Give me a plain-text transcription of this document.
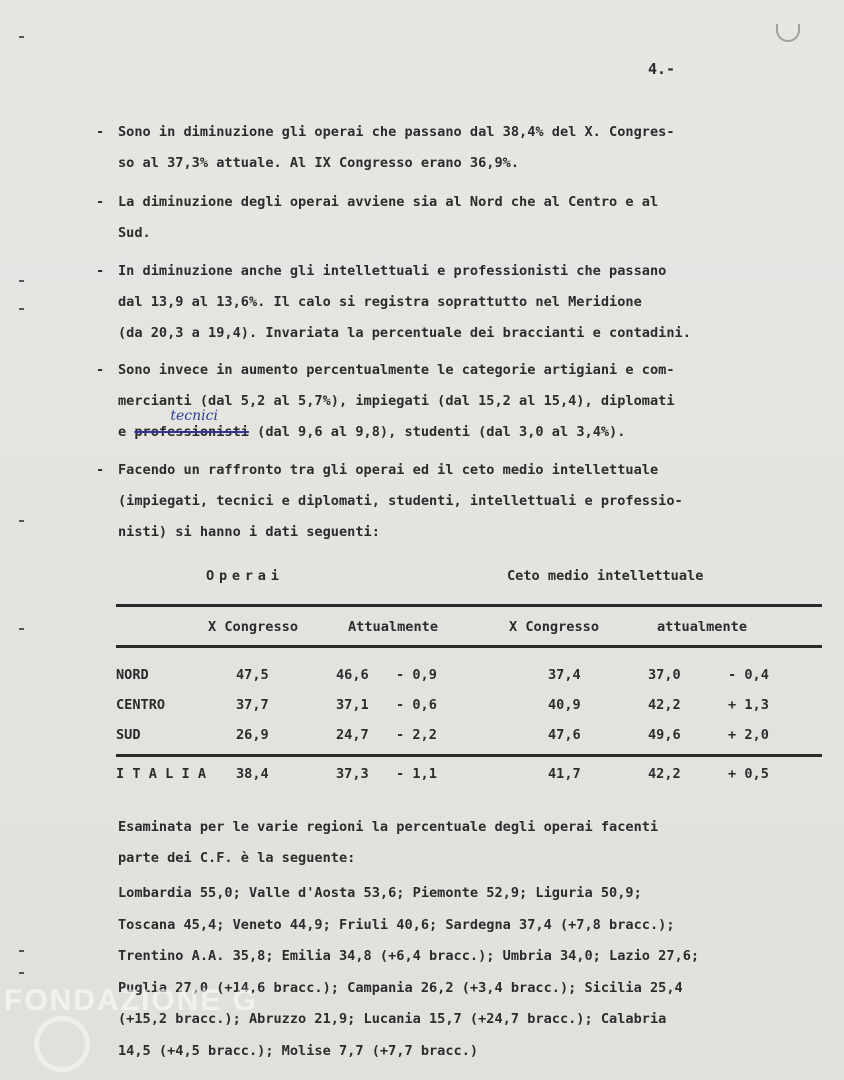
4.-
-	Sono in diminuzione gli operai che passano dal 38,4% del X. Congres-
so al 37,3% attuale. Al IX Congresso erano 36,9%.
-	La diminuzione degli operai avviene sia al Nord che al Centro e al
Sud.
-	In diminuzione anche gli intellettuali e professionisti che passano
dal 13,9 al 13,6%. Il calo si registra soprattutto nel Meridione
(da 20,3 a 19,4). Invariata la percentuale dei braccianti e contadini.
-	Sono invece in aumento percentualmente le categorie artigiani e com-
mercianti (dal 5,2 al 5,7%), impiegati (dal 15,2 al 15,4), diplomati
e
tecnici
professionisti (dal 9,6 al 9,8), studenti (dal 3,0 al 3,4%).
-	Facendo un raffronto tra gli operai ed il ceto medio intellettuale
(impiegati, tecnici e diplomati, studenti, intellettuali e professio-
nisti) si hanno i dati seguenti:
Operai	Ceto medio intellettuale
X Congresso	Attualmente	X Congresso	attualmente
NORD	47,5	46,6 - 0,9	37,4	37,0	- 0,4
CENTRO	37,7	37,1 - 0,6	40,9	42,2	+ 1,3
SUD	26,9	24,7 - 2,2	47,6	49,6	+ 2,0
I T A L I A 38,4	37,3 - 1,1	41,7	42,2	+ 0,5
Esaminata per le varie regioni la percentuale degli operai facenti
parte dei C.F. è la seguente:
Lombardia 55,0; Valle d'Aosta 53,6; Piemonte 52,9; Liguria 50,9;
Toscana 45,4; Veneto 44,9; Friuli 40,6; Sardegna 37,4 (+7,8 bracc.);
Trentino A.A. 35,8; Emilia 34,8 (+6,4 bracc.); Umbria 34,0; Lazio 27,6;
Puglia 27,0 (+14,6 bracc.); Campania 26,2 (+3,4 bracc.); Sicilia 25,4
(+15,2 bracc.); Abruzzo 21,9; Lucania 15,7 (+24,7 bracc.); Calabria
14,5 (+4,5 bracc.); Molise 7,7 (+7,7 bracc.)
FONDAZIONE G
